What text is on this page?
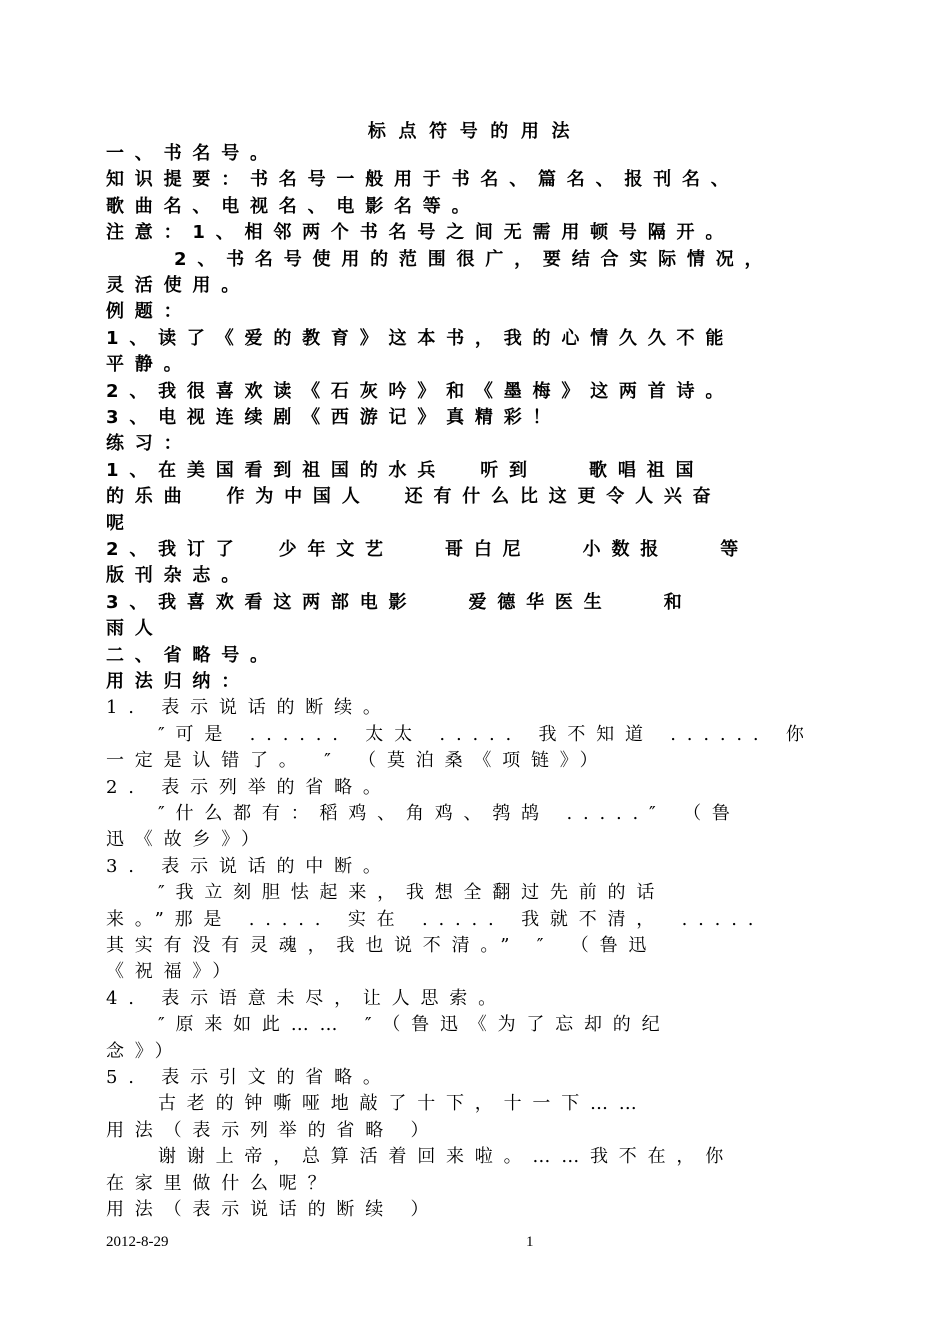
标点符号的用法
一、书名号。
知识提要：书名号一般用于书名、篇名、报刊名、
歌曲名、电视名、电影名等。
注意：1、相邻两个书名号之间无需用顿号隔开。
2、书名号使用的范围很广，要结合实际情况，
灵活使用。
例题：
1、读了《爱的教育》这本书，我的心情久久不能
平静。
2、我很喜欢读《石灰吟》和《墨梅》这两首诗。
3、电视连续剧《西游记》真精彩！
练习：
1、在美国看到祖国的水兵  听到   歌唱祖国
的乐曲  作为中国人  还有什么比这更令人兴奋
呢
2、我订了  少年文艺   哥白尼   小数报   等
版刊杂志。
3、我喜欢看这两部电影   爱德华医生   和
雨人
二、省略号。
用法归纳：
1. 表示说话的断续。
″可是 ...... 太太 ..... 我不知道 ...... 你
一定是认错了。 ″ （莫泊桑《项链》）
2. 表示列举的省略。
″什么都有：稻鸡、角鸡、鹁鸪 .....″ （鲁
迅《故乡》）
3. 表示说话的中断。
″我立刻胆怯起来，我想全翻过先前的话
来。”那是 ..... 实在 ..... 我就不清， .....
其实有没有灵魂，我也说不清。” ″ （鲁迅
《祝福》）
4. 表示语意未尽，让人思索。
″原来如此…… ″（鲁迅《为了忘却的纪
念》）
5. 表示引文的省略。
古老的钟嘶哑地敲了十下，十一下……
用法（表示列举的省略 ）
谢谢上帝，总算活着回来啦。……我不在，你
在家里做什么呢？
用法（表示说话的断续 ）
2012-8-29	1
